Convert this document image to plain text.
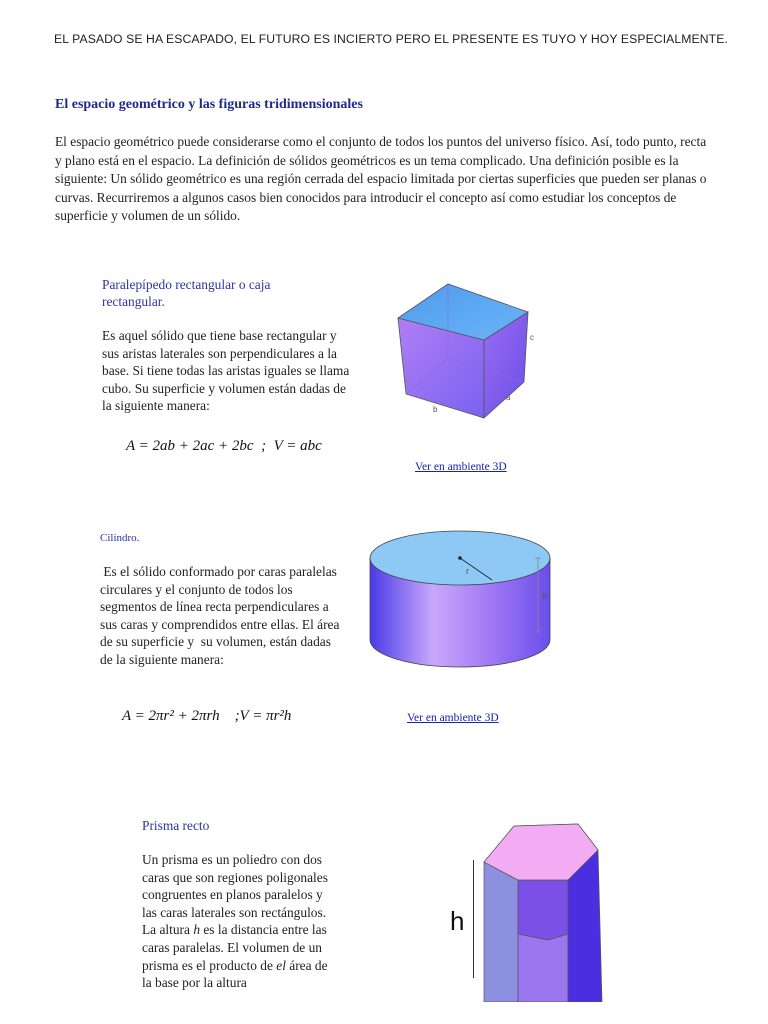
EL PASADO SE HA ESCAPADO, EL FUTURO ES INCIERTO PERO EL PRESENTE ES TUYO Y HOY ESPECIALMENTE.
El espacio geométrico y las figuras tridimensionales
El espacio geométrico puede considerarse como el conjunto de todos los puntos del universo físico. Así, todo punto, recta y plano está en el espacio. La definición de sólidos geométricos es un tema complicado. Una definición posible es la siguiente: Un sólido geométrico es una región cerrada del espacio limitada por ciertas superficies que pueden ser planas o curvas. Recurriremos a algunos casos bien conocidos para introducir el concepto así como estudiar los conceptos de superficie y volumen de un sólido.
Paralepípedo rectangular o caja rectangular.
Es aquel sólido que tiene base rectangular y sus aristas laterales son perpendiculares a la base. Si tiene todas las aristas iguales se llama cubo. Su superficie y volumen están dadas de la siguiente manera:
A = 2ab + 2ac + 2bc  ;  V = abc
c
a
b
Ver en ambiente 3D
Cilindro.
Es el sólido conformado por caras paralelas circulares y el conjunto de todos los segmentos de línea recta perpendiculares a sus caras y comprendidos entre ellas. El área de su superficie y  su volumen, están dadas de la siguiente manera:
A = 2πr² + 2πrh    ;V = πr²h
r
h
Ver en ambiente 3D
Prisma recto
Un prisma es un poliedro con dos caras que son regiones poligonales congruentes en planos paralelos y las caras laterales son rectángulos. La altura h es la distancia entre las caras paralelas. El volumen de un prisma es el producto de el área de la base por la altura
h
